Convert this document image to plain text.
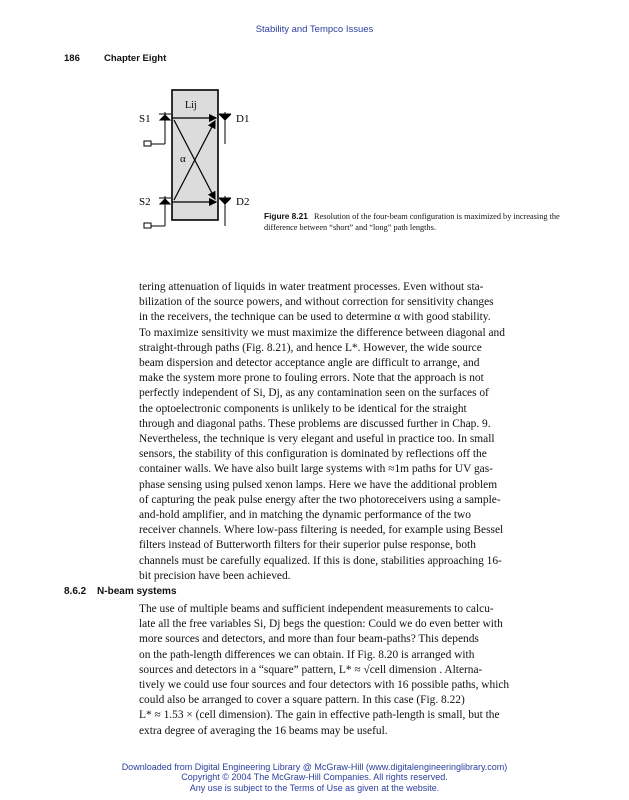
Stability and Tempco Issues
186	Chapter Eight
S1
S2
D1
D2
Lij
α
Figure 8.21 Resolution of the four-beam configuration is maximized by increasing the difference between “short” and “long” path lengths.

tering attenuation of liquids in water treatment processes. Even without sta-
bilization of the source powers, and without correction for sensitivity changes
in the receivers, the technique can be used to determine α with good stability.
To maximize sensitivity we must maximize the difference between diagonal and
straight-through paths (Fig. 8.21), and hence L*. However, the wide source
beam dispersion and detector acceptance angle are difficult to arrange, and
make the system more prone to fouling errors. Note that the approach is not
perfectly independent of Si, Dj, as any contamination seen on the surfaces of
the optoelectronic components is unlikely to be identical for the straight
through and diagonal paths. These problems are discussed further in Chap. 9.
Nevertheless, the technique is very elegant and useful in practice too. In small
sensors, the stability of this configuration is dominated by reflections off the
container walls. We have also built large systems with ≈1m paths for UV gas-
phase sensing using pulsed xenon lamps. Here we have the additional problem
of capturing the peak pulse energy after the two photoreceivers using a sample-
and-hold amplifier, and in matching the dynamic performance of the two
receiver channels. Where low-pass filtering is needed, for example using Bessel
filters instead of Butterworth filters for their superior pulse response, both
channels must be carefully equalized. If this is done, stabilities approaching 16-
bit precision have been achieved.

8.6.2 N-beam systems

The use of multiple beams and sufficient independent measurements to calcu-
late all the free variables Si, Dj begs the question: Could we do even better with
more sources and detectors, and more than four beam-paths? This depends
on the path-length differences we can obtain. If Fig. 8.20 is arranged with
sources and detectors in a “square” pattern, L* ≈ √cell dimension . Alterna-
tively we could use four sources and four detectors with 16 possible paths, which
could also be arranged to cover a square pattern. In this case (Fig. 8.22)
L* ≈ 1.53 × (cell dimension). The gain in effective path-length is small, but the
extra degree of averaging the 16 beams may be useful.

Downloaded from Digital Engineering Library @ McGraw-Hill (www.digitalengineeringlibrary.com)
Copyright © 2004 The McGraw-Hill Companies. All rights reserved.
Any use is subject to the Terms of Use as given at the website.
